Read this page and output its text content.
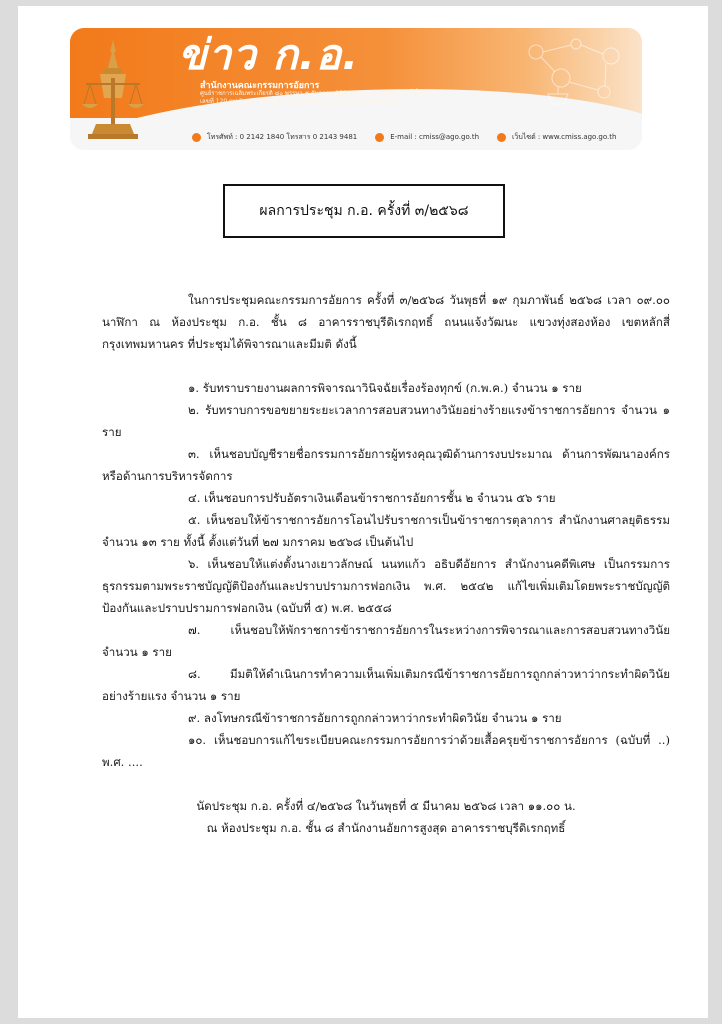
ข่าว ก.อ.
สำนักงานคณะกรรมการอัยการ
ศูนย์ราชการเฉลิมพระเกียรติ ๘๐ พรรษา ๕ ธันวาคม 2550 อาคารราชบุรีดิเรกฤทธิ์ ชั้น 8
เลขที่ 120 หมู่ 3 ถนนแจ้งวัฒนะ แขวงทุ่งสองห้อง เขตหลักสี่ กรุงเทพฯ 10210
โทรศัพท์ : 0 2142 1840 โทรสาร 0 2143 9481	E-mail : cmiss@ago.go.th	เว็บไซต์ : www.cmiss.ago.go.th
ผลการประชุม ก.อ. ครั้งที่ ๓/๒๕๖๘

ในการประชุมคณะกรรมการอัยการ ครั้งที่ ๓/๒๕๖๘ วันพุธที่ ๑๙ กุมภาพันธ์ ๒๕๖๘ เวลา ๐๙.๐๐ นาฬิกา ณ ห้องประชุม ก.อ. ชั้น ๘ อาคารราชบุรีดิเรกฤทธิ์ ถนนแจ้งวัฒนะ แขวงทุ่งสองห้อง เขตหลักสี่ กรุงเทพมหานคร ที่ประชุมได้พิจารณาและมีมติ ดังนี้

๑. รับทราบรายงานผลการพิจารณาวินิจฉัยเรื่องร้องทุกข์ (ก.พ.ค.) จำนวน ๑ ราย

๒. รับทราบการขอขยายระยะเวลาการสอบสวนทางวินัยอย่างร้ายแรงข้าราชการอัยการ จำนวน ๑ ราย

๓. เห็นชอบบัญชีรายชื่อกรรมการอัยการผู้ทรงคุณวุฒิด้านการงบประมาณ ด้านการพัฒนาองค์กร หรือด้านการบริหารจัดการ

๔. เห็นชอบการปรับอัตราเงินเดือนข้าราชการอัยการชั้น ๒ จำนวน ๕๖ ราย

๕. เห็นชอบให้ข้าราชการอัยการโอนไปรับราชการเป็นข้าราชการตุลาการ สำนักงานศาลยุติธรรม จำนวน ๑๓ ราย ทั้งนี้ ตั้งแต่วันที่ ๒๗ มกราคม ๒๕๖๘ เป็นต้นไป

๖. เห็นชอบให้แต่งตั้งนางเยาวลักษณ์ นนทแก้ว อธิบดีอัยการ สำนักงานคดีพิเศษ เป็นกรรมการธุรกรรมตามพระราชบัญญัติป้องกันและปราบปรามการฟอกเงิน พ.ศ. ๒๕๔๒ แก้ไขเพิ่มเติมโดยพระราชบัญญัติป้องกันและปราบปรามการฟอกเงิน (ฉบับที่ ๕) พ.ศ. ๒๕๕๘

๗. เห็นชอบให้พักราชการข้าราชการอัยการในระหว่างการพิจารณาและการสอบสวนทางวินัย จำนวน ๑ ราย

๘. มีมติให้ดำเนินการทำความเห็นเพิ่มเติมกรณีข้าราชการอัยการถูกกล่าวหาว่ากระทำผิดวินัยอย่างร้ายแรง จำนวน ๑ ราย

๙. ลงโทษกรณีข้าราชการอัยการถูกกล่าวหาว่ากระทำผิดวินัย จำนวน ๑ ราย

๑๐. เห็นชอบการแก้ไขระเบียบคณะกรรมการอัยการว่าด้วยเสื้อครุยข้าราชการอัยการ (ฉบับที่ ..) พ.ศ. ....

นัดประชุม ก.อ. ครั้งที่ ๔/๒๕๖๘ ในวันพุธที่ ๕ มีนาคม ๒๕๖๘ เวลา ๑๑.๐๐ น.
ณ ห้องประชุม ก.อ. ชั้น ๘ สำนักงานอัยการสูงสุด อาคารราชบุรีดิเรกฤทธิ์
